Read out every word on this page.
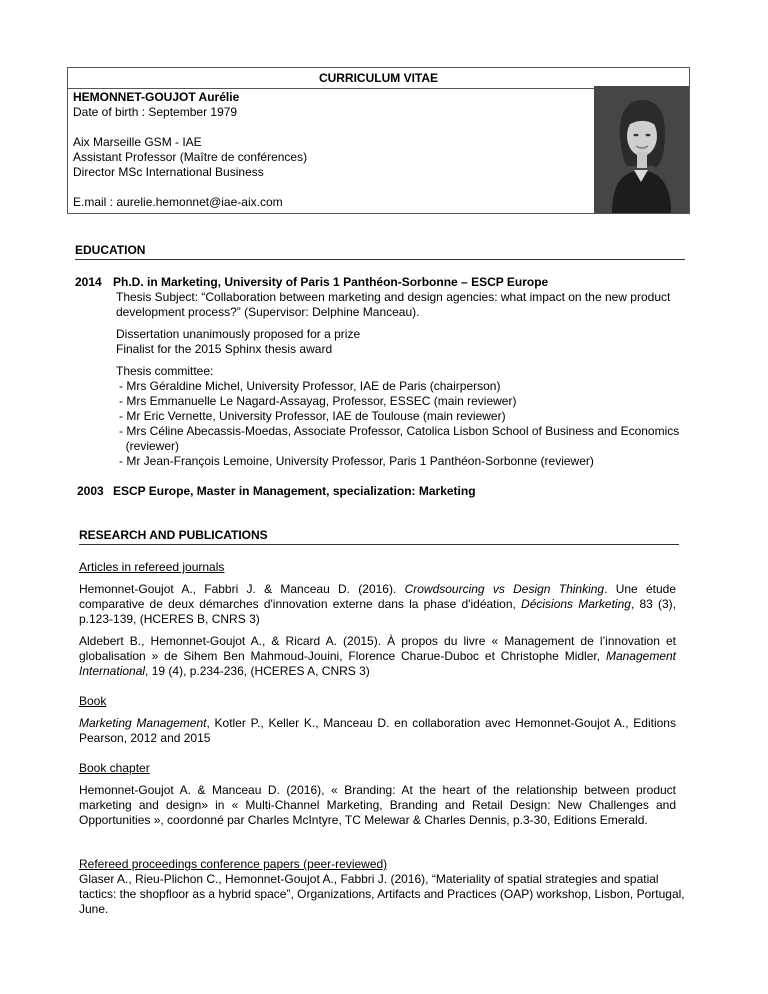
CURRICULUM VITAE
HEMONNET-GOUJOT Aurélie
Date of birth : September 1979
Aix Marseille GSM - IAE
Assistant Professor (Maître de conférences)
Director MSc International Business
E.mail : aurelie.hemonnet@iae-aix.com
EDUCATION
2014 Ph.D. in Marketing, University of Paris 1 Panthéon-Sorbonne – ESCP Europe
Thesis Subject: “Collaboration between marketing and design agencies: what impact on the new product
development process?” (Supervisor: Delphine Manceau).
Dissertation unanimously proposed for a prize
Finalist for the 2015 Sphinx thesis award
Thesis committee:
- Mrs Géraldine Michel, University Professor, IAE de Paris (chairperson)
- Mrs Emmanuelle Le Nagard-Assayag, Professor, ESSEC (main reviewer)
- Mr Eric Vernette, University Professor, IAE de Toulouse (main reviewer)
- Mrs Céline Abecassis-Moedas, Associate Professor, Catolica Lisbon School of Business and Economics
(reviewer)
- Mr Jean-François Lemoine, University Professor, Paris 1 Panthéon-Sorbonne (reviewer)
2003 ESCP Europe, Master in Management, specialization: Marketing
RESEARCH AND PUBLICATIONS
Articles in refereed journals

Hemonnet-Goujot A., Fabbri J. & Manceau D. (2016). Crowdsourcing vs Design Thinking. Une étude comparative de deux démarches d'innovation externe dans la phase d'idéation, Décisions Marketing, 83 (3), p.123-139, (HCERES B, CNRS 3)

Aldebert B., Hemonnet-Goujot A., & Ricard A. (2015). À propos du livre « Management de l’innovation et globalisation » de Sihem Ben Mahmoud-Jouini, Florence Charue-Duboc et Christophe Midler, Management International, 19 (4), p.234-236, (HCERES A, CNRS 3)

Book

Marketing Management, Kotler P., Keller K., Manceau D. en collaboration avec Hemonnet-Goujot A., Editions Pearson, 2012 and 2015

Book chapter

Hemonnet-Goujot A. & Manceau D. (2016), « Branding: At the heart of the relationship between product marketing and design» in « Multi-Channel Marketing, Branding and Retail Design: New Challenges and Opportunities », coordonné par Charles McIntyre, TC Melewar & Charles Dennis, p.3-30, Editions Emerald.

Refereed proceedings conference papers (peer-reviewed)
Glaser A., Rieu-Plichon C., Hemonnet-Goujot A., Fabbri J. (2016), “Materiality of spatial strategies and spatial
tactics: the shopfloor as a hybrid space”, Organizations, Artifacts and Practices (OAP) workshop, Lisbon, Portugal,
June.
